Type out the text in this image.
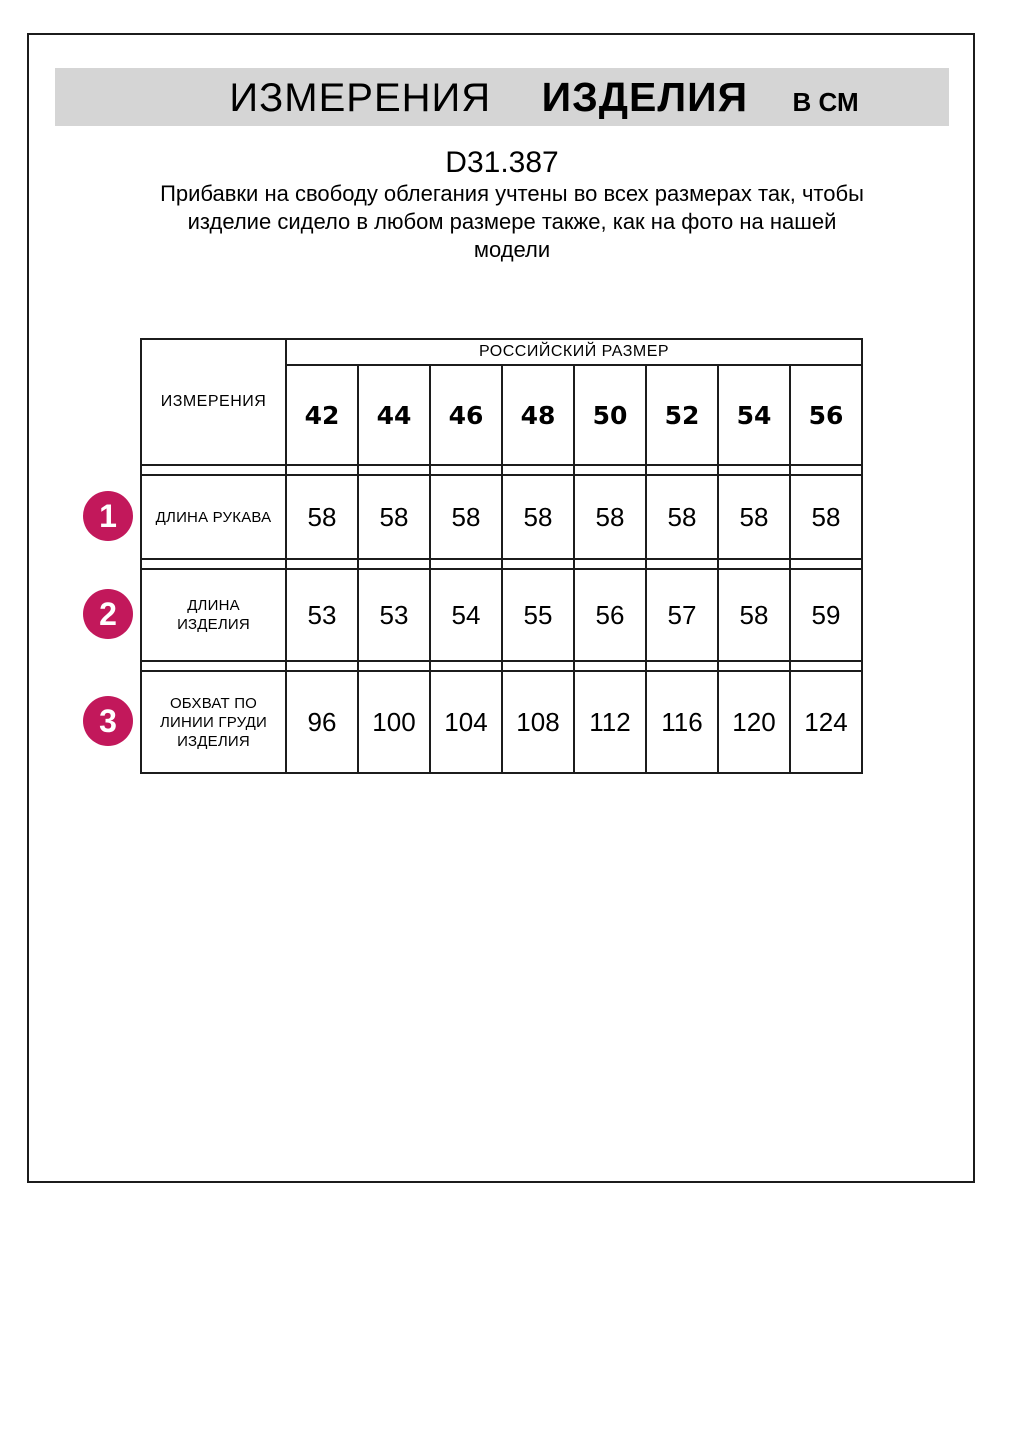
ИЗМЕРЕНИЯ ИЗДЕЛИЯ В СМ
D31.387
Прибавки на свободу облегания учтены во всех размерах так, чтобы
изделие сидело в любом размере также, как на фото на нашей
модели
ИЗМЕРЕНИЯ	РОССИЙСКИЙ РАЗМЕР							
	42	44	46	48	50	52	54	56

ДЛИНА РУКАВА	58	58	58	58	58	58	58	58

ДЛИНА
ИЗДЕЛИЯ	53	53	54	55	56	57	58	59

ОБХВАТ ПО
ЛИНИИ ГРУДИ
ИЗДЕЛИЯ	96	100	104	108	112	116	120	124
1
2
3
